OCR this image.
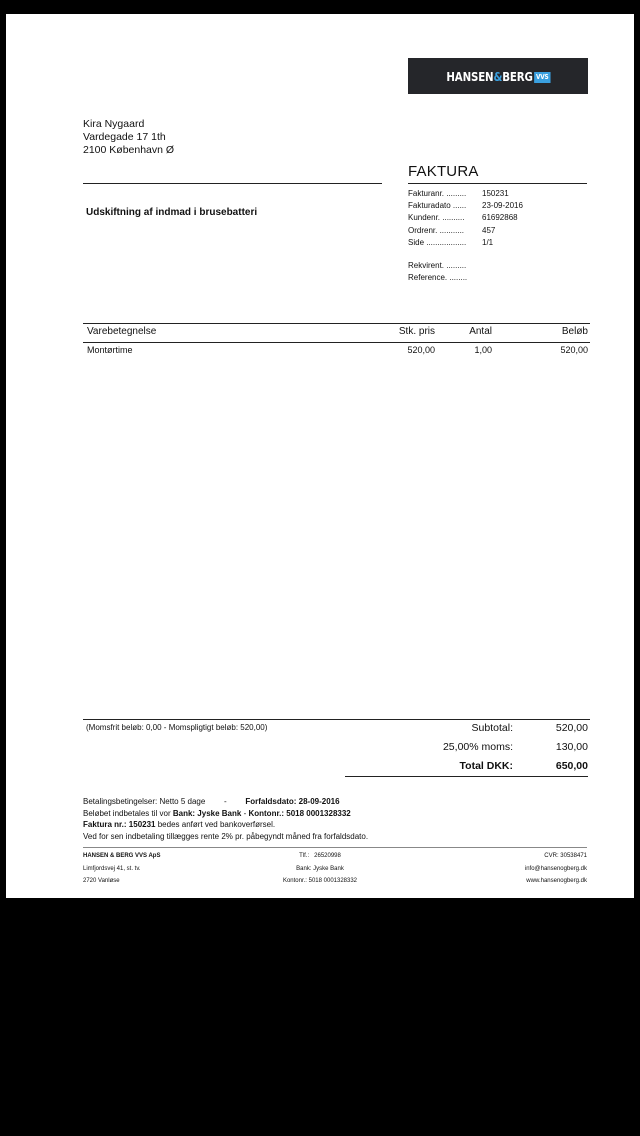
HANSEN&BERG VVS
Kira Nygaard
Vardegade 17 1th
2100 København Ø
FAKTURA
Udskiftning af indmad i brusebatteri
Fakturanr. .........	150231
Fakturadato ......	23-09-2016
Kundenr. ..........	61692868
Ordrenr. ...........	457
Side ..................	1/1
Rekvirent. .........
Reference. ........
Varebetegnelse	Stk. pris	Antal	Beløb
Montørtime	520,00	1,00	520,00
(Momsfrit beløb: 0,00 - Momspligtigt beløb: 520,00)	Subtotal:	520,00
25,00% moms:	130,00
Total DKK:	650,00
Betalingsbetingelser: Netto 5 dage - Forfaldsdato: 28-09-2016
Beløbet indbetales til vor Bank: Jyske Bank - Kontonr.: 5018 0001328332
Faktura nr.: 150231 bedes anført ved bankoverførsel.
Ved for sen indbetaling tillægges rente 2% pr. påbegyndt måned fra forfaldsdato.
HANSEN & BERG VVS ApS
Limfjordsvej 41, st. tv.
2720 Vanløse
Tlf.: 26520998
Bank: Jyske Bank
Kontonr.: 5018 0001328332
CVR: 30538471
info@hansenogberg.dk
www.hansenogberg.dk
